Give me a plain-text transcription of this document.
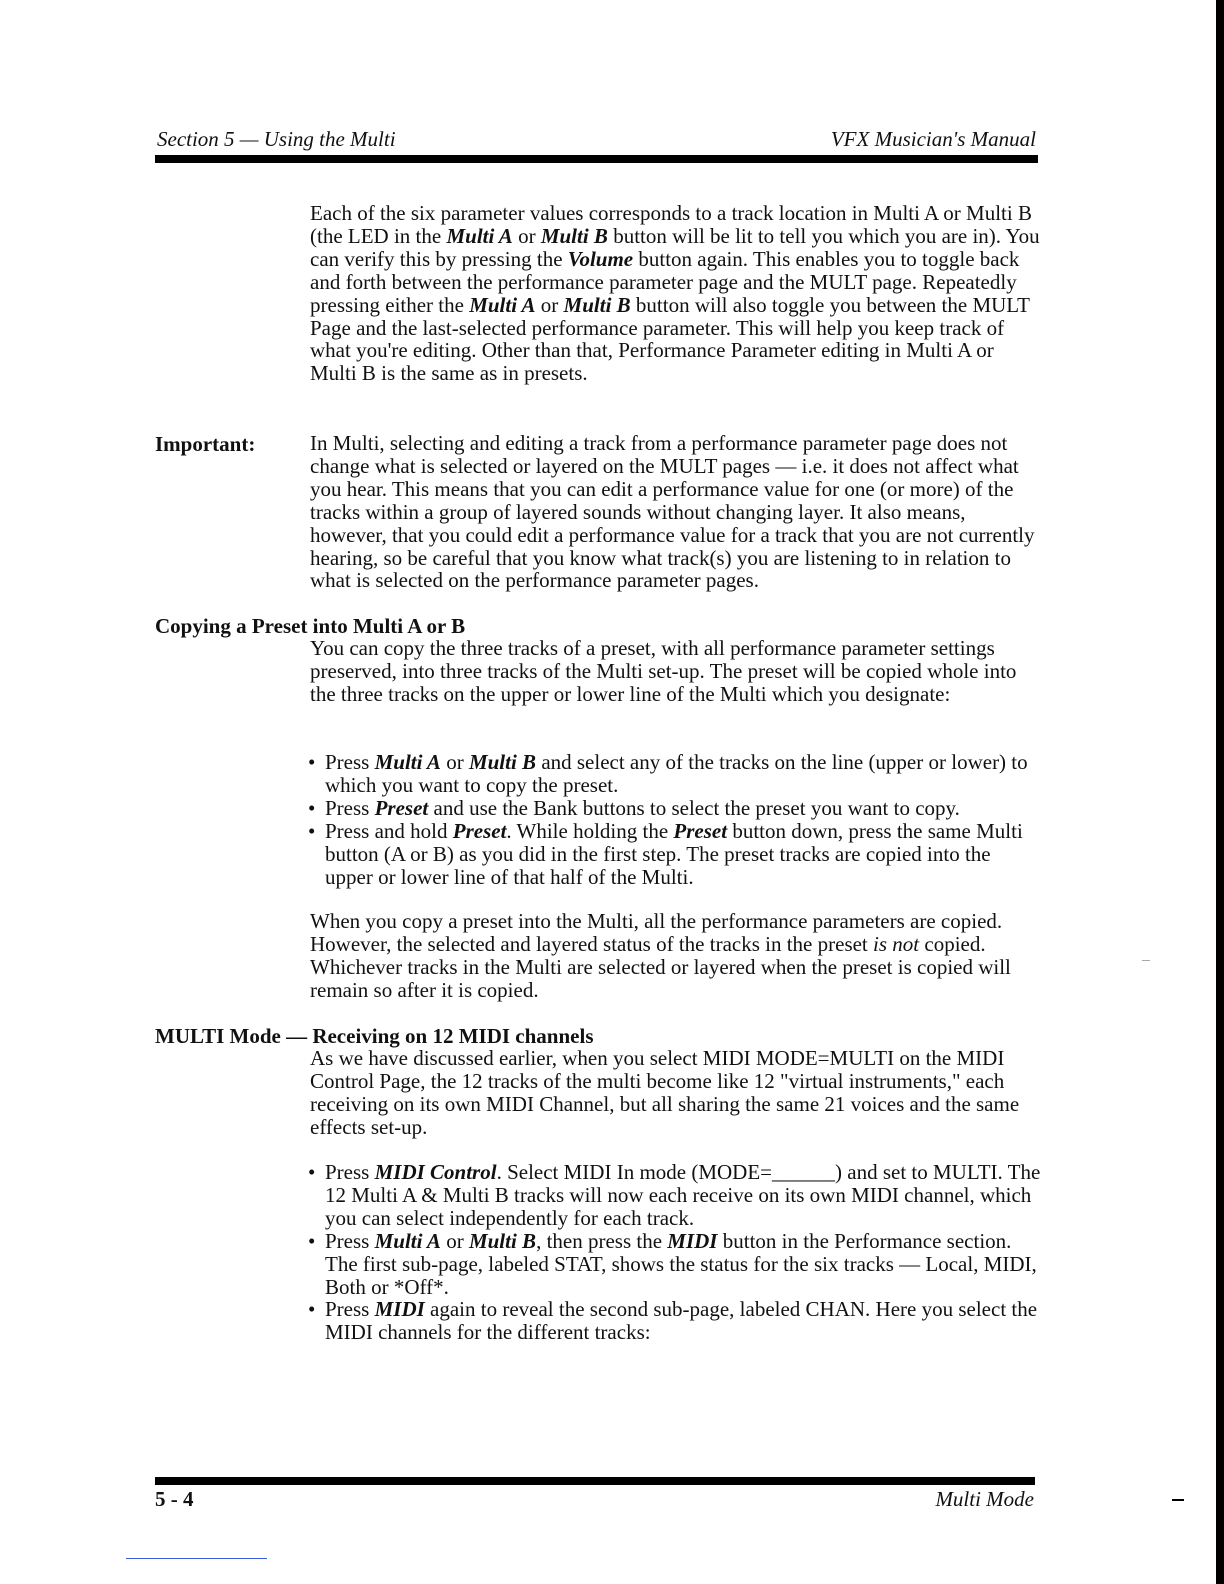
Section 5 — Using the Multi	VFX Musician's Manual

Each of the six parameter values corresponds to a track location in Multi A or Multi B (the LED in the Multi A or Multi B button will be lit to tell you which you are in). You can verify this by pressing the Volume button again. This enables you to toggle back and forth between the performance parameter page and the MULT page. Repeatedly pressing either the Multi A or Multi B button will also toggle you between the MULT Page and the last-selected performance parameter. This will help you keep track of what you're editing. Other than that, Performance Parameter editing in Multi A or Multi B is the same as in presets.

Important:	In Multi, selecting and editing a track from a performance parameter page does not change what is selected or layered on the MULT pages — i.e. it does not affect what you hear. This means that you can edit a performance value for one (or more) of the tracks within a group of layered sounds without changing layer. It also means, however, that you could edit a performance value for a track that you are not currently hearing, so be careful that you know what track(s) you are listening to in relation to what is selected on the performance parameter pages.

Copying a Preset into Multi A or B

You can copy the three tracks of a preset, with all performance parameter settings preserved, into three tracks of the Multi set-up. The preset will be copied whole into the three tracks on the upper or lower line of the Multi which you designate:

• Press Multi A or Multi B and select any of the tracks on the line (upper or lower) to which you want to copy the preset.
• Press Preset and use the Bank buttons to select the preset you want to copy.
• Press and hold Preset. While holding the Preset button down, press the same Multi button (A or B) as you did in the first step. The preset tracks are copied into the upper or lower line of that half of the Multi.

When you copy a preset into the Multi, all the performance parameters are copied. However, the selected and layered status of the tracks in the preset is not copied. Whichever tracks in the Multi are selected or layered when the preset is copied will remain so after it is copied.

MULTI Mode — Receiving on 12 MIDI channels

As we have discussed earlier, when you select MIDI MODE=MULTI on the MIDI Control Page, the 12 tracks of the multi become like 12 "virtual instruments," each receiving on its own MIDI Channel, but all sharing the same 21 voices and the same effects set-up.

• Press MIDI Control. Select MIDI In mode (MODE=______) and set to MULTI. The 12 Multi A & Multi B tracks will now each receive on its own MIDI channel, which you can select independently for each track.
• Press Multi A or Multi B, then press the MIDI button in the Performance section. The first sub-page, labeled STAT, shows the status for the six tracks — Local, MIDI, Both or *Off*.
• Press MIDI again to reveal the second sub-page, labeled CHAN. Here you select the MIDI channels for the different tracks:
5 - 4	Multi Mode
